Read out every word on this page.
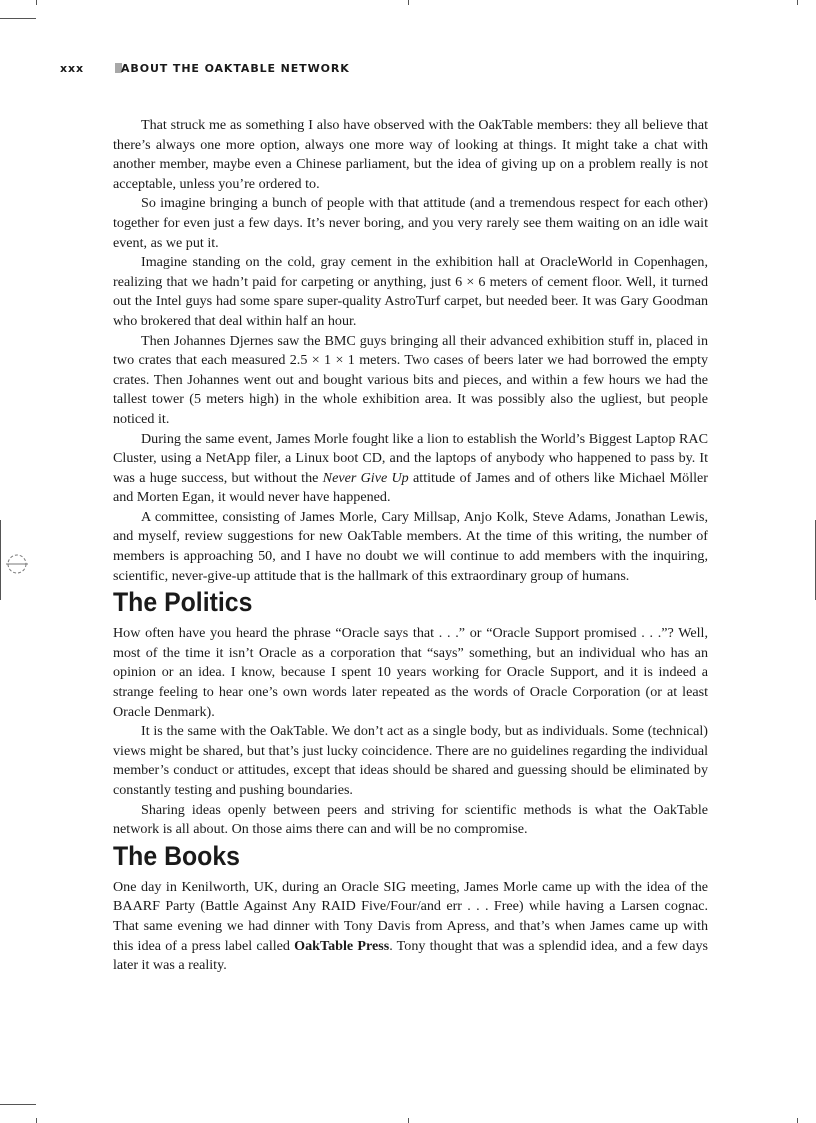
xxx	ABOUT THE OAKTABLE NETWORK

That struck me as something I also have observed with the OakTable members: they all believe that there’s always one more option, always one more way of looking at things. It might take a chat with another member, maybe even a Chinese parliament, but the idea of giving up on a problem really is not acceptable, unless you’re ordered to.

So imagine bringing a bunch of people with that attitude (and a tremendous respect for each other) together for even just a few days. It’s never boring, and you very rarely see them waiting on an idle wait event, as we put it.

Imagine standing on the cold, gray cement in the exhibition hall at OracleWorld in Copenhagen, realizing that we hadn’t paid for carpeting or anything, just 6 × 6 meters of cement floor. Well, it turned out the Intel guys had some spare super-quality AstroTurf carpet, but needed beer. It was Gary Goodman who brokered that deal within half an hour.

Then Johannes Djernes saw the BMC guys bringing all their advanced exhibition stuff in, placed in two crates that each measured 2.5 × 1 × 1 meters. Two cases of beers later we had borrowed the empty crates. Then Johannes went out and bought various bits and pieces, and within a few hours we had the tallest tower (5 meters high) in the whole exhibition area. It was possibly also the ugliest, but people noticed it.

During the same event, James Morle fought like a lion to establish the World’s Biggest Laptop RAC Cluster, using a NetApp filer, a Linux boot CD, and the laptops of anybody who happened to pass by. It was a huge success, but without the Never Give Up attitude of James and of others like Michael Möller and Morten Egan, it would never have happened.

A committee, consisting of James Morle, Cary Millsap, Anjo Kolk, Steve Adams, Jonathan Lewis, and myself, review suggestions for new OakTable members. At the time of this writing, the number of members is approaching 50, and I have no doubt we will continue to add members with the inquiring, scientific, never-give-up attitude that is the hallmark of this extraordinary group of humans.

The Politics

How often have you heard the phrase “Oracle says that . . .” or “Oracle Support promised . . .”? Well, most of the time it isn’t Oracle as a corporation that “says” something, but an individual who has an opinion or an idea. I know, because I spent 10 years working for Oracle Support, and it is indeed a strange feeling to hear one’s own words later repeated as the words of Oracle Corporation (or at least Oracle Denmark).

It is the same with the OakTable. We don’t act as a single body, but as individuals. Some (technical) views might be shared, but that’s just lucky coincidence. There are no guidelines regarding the individual member’s conduct or attitudes, except that ideas should be shared and guessing should be eliminated by constantly testing and pushing boundaries.

Sharing ideas openly between peers and striving for scientific methods is what the OakTable network is all about. On those aims there can and will be no compromise.

The Books

One day in Kenilworth, UK, during an Oracle SIG meeting, James Morle came up with the idea of the BAARF Party (Battle Against Any RAID Five/Four/and err . . . Free) while having a Larsen cognac. That same evening we had dinner with Tony Davis from Apress, and that’s when James came up with this idea of a press label called OakTable Press. Tony thought that was a splendid idea, and a few days later it was a reality.
